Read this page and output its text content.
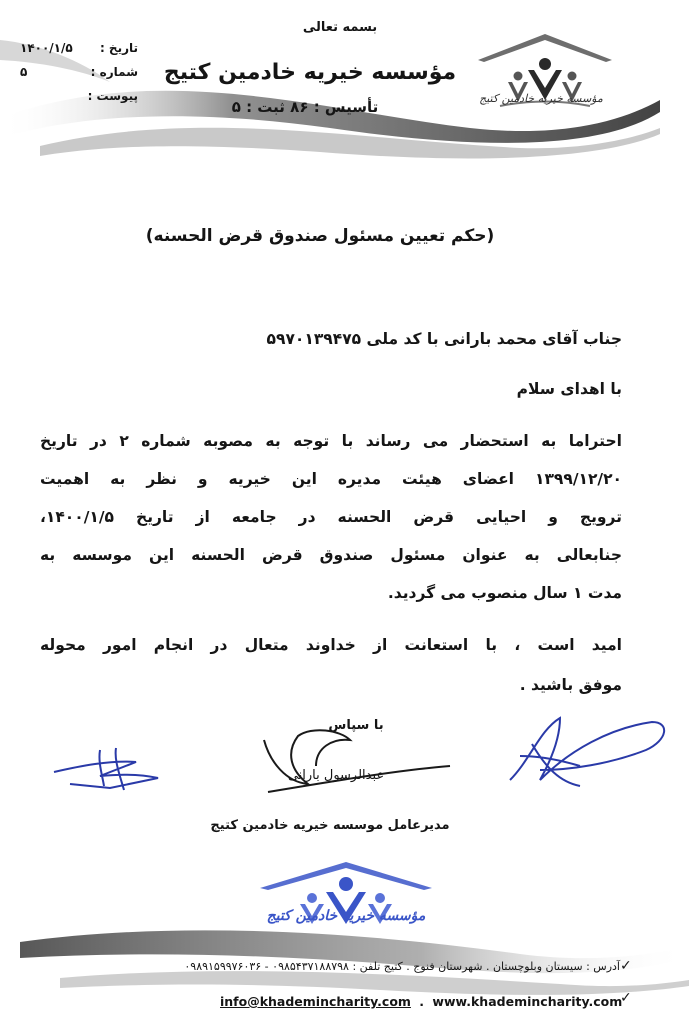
مؤسسه خیریه خادمین کتیج
بسمه تعالی
مؤسسه خیریه خادمین کتیج
تأسیس : ۸۶ ثبت : ۵
تاریخ :
۱۴۰۰/۱/۵
شماره :
۵
پیوست :
(حکم تعیین مسئول صندوق قرض الحسنه)
جناب آقای محمد بارانی با کد ملی ۵۹۷۰۱۳۹۴۷۵
با اهدای سلام
احتراما به استحضار می رساند با توجه به مصوبه شماره ۲ در تاریخ
۱۳۹۹/۱۲/۲۰ اعضای هیئت مدیره این خیریه و نظر به اهمیت
ترویج و احیایی قرض الحسنه در جامعه از تاریخ ۱۴۰۰/۱/۵،
جنابعالی به عنوان مسئول صندوق قرض الحسنه این موسسه به
مدت ۱ سال منصوب می گردید.
امید است ، با استعانت از خداوند متعال در انجام امور محوله
موفق باشید .
با سپاس
عبدالرسول بارانی
مدیرعامل موسسه خیریه خادمین کتیج
مؤسسه خیریه خادمین کتیج
✓
آدرس : سیستان وبلوچستان . شهرستان فنوج . کتیج تلفن : ۰۹۸۵۴۳۷۱۸۸۷۹۸ - ۰۹۸۹۱۵۹۹۷۶۰۳۶
✓
info@khademincharity.com . www.khademincharity.com
